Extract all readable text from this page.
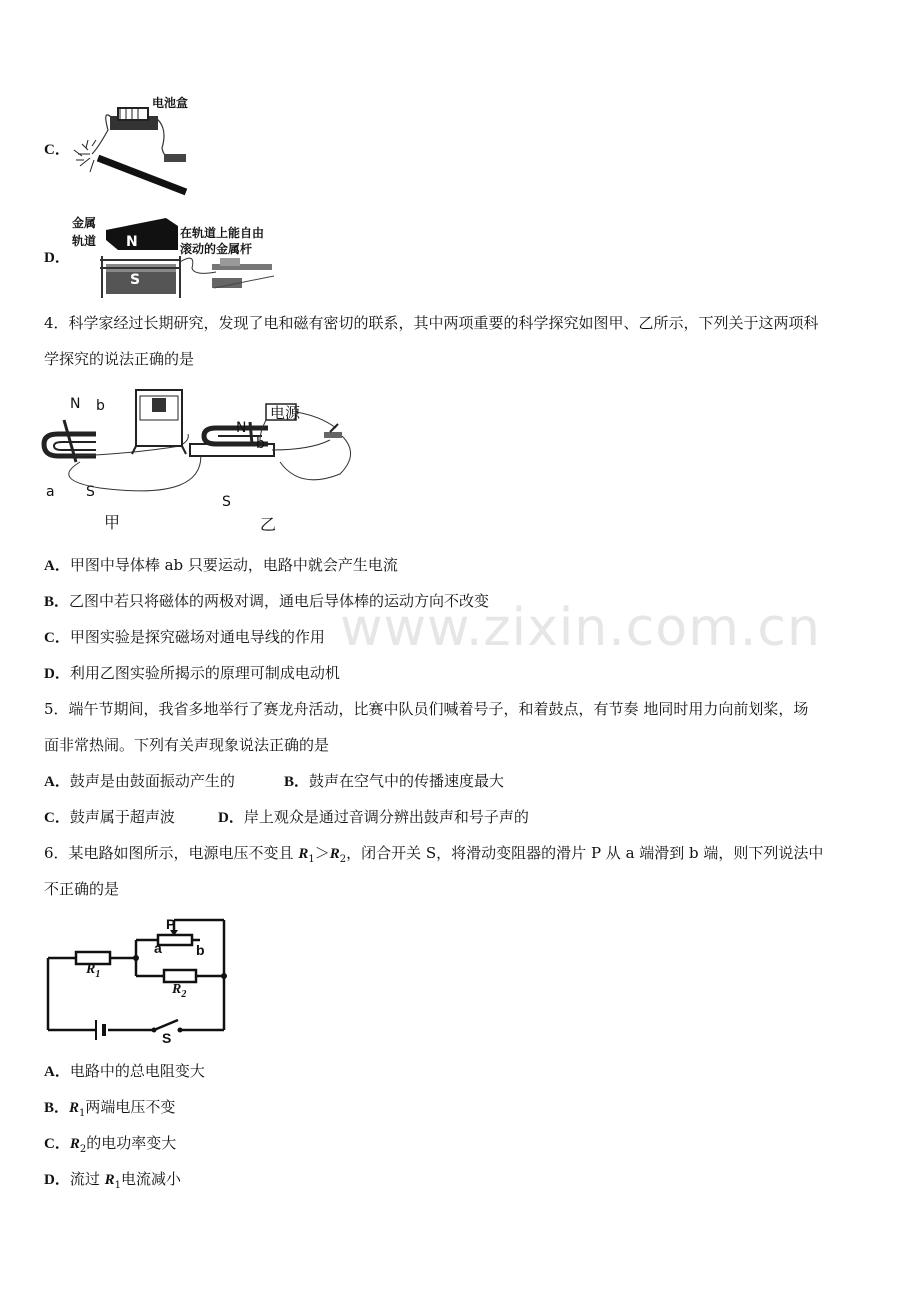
www.zixin.com.cn
C．
电池盒
D．
金属
轨道
在轨道上能自由
滚动的金属杆
N
S
4．科学家经过长期研究，发现了电和磁有密切的联系，其中两项重要的科学探究如图甲、乙所示，下列关于这两项科
学探究的说法正确的是
N b
a S
甲
电源
N
b
S
乙
A．甲图中导体棒 ab 只要运动，电路中就会产生电流
B．乙图中若只将磁体的两极对调，通电后导体棒的运动方向不改变
C．甲图实验是探究磁场对通电导线的作用
D．利用乙图实验所揭示的原理可制成电动机
5．端午节期间，我省多地举行了赛龙舟活动，比赛中队员们喊着号子，和着鼓点，有节奏 地同时用力向前划桨，场
面非常热闹。下列有关声现象说法正确的是
A．鼓声是由鼓面振动产生的	B．鼓声在空气中的传播速度最大
C．鼓声属于超声波	D．岸上观众是通过音调分辨出鼓声和号子声的
6．某电路如图所示，电源电压不变且 $R_1>R_2$，闭合开关 S，将滑动变阻器的滑片 P 从 a 端滑到 b 端，则下列说法中
不正确的是
P
a b
$R_1$
$R_2$
S
A．电路中的总电阻变大
B．$R_1$两端电压不变
C．$R_2$的电功率变大
D．流过 $R_1$电流减小
